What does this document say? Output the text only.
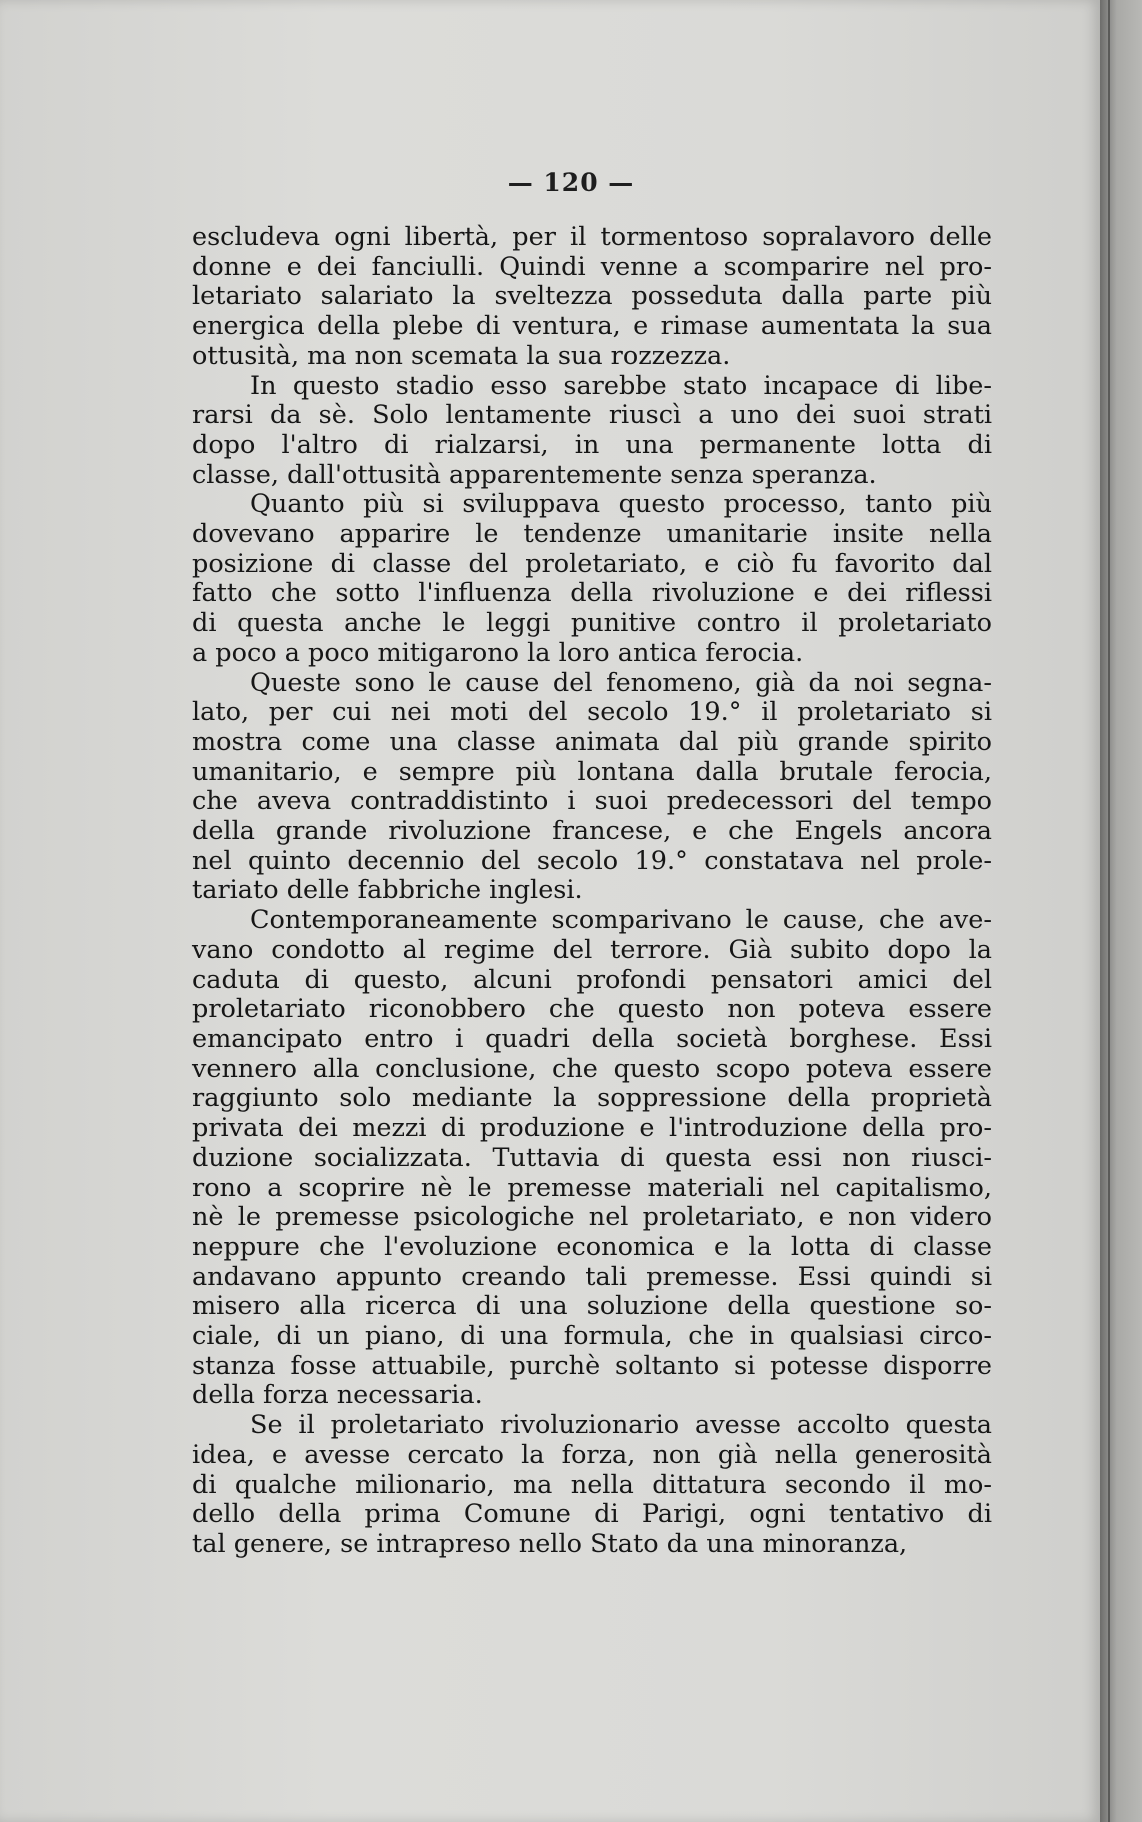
— 120 —
escludeva ogni libertà, per il tormentoso sopralavoro delle
donne e dei fanciulli. Quindi venne a scomparire nel pro-
letariato salariato la sveltezza posseduta dalla parte più
energica della plebe di ventura, e rimase aumentata la sua
ottusità, ma non scemata la sua rozzezza.
In questo stadio esso sarebbe stato incapace di libe-
rarsi da sè. Solo lentamente riuscì a uno dei suoi strati
dopo l'altro di rialzarsi, in una permanente lotta di
classe, dall'ottusità apparentemente senza speranza.
Quanto più si sviluppava questo processo, tanto più
dovevano apparire le tendenze umanitarie insite nella
posizione di classe del proletariato, e ciò fu favorito dal
fatto che sotto l'influenza della rivoluzione e dei riflessi
di questa anche le leggi punitive contro il proletariato
a poco a poco mitigarono la loro antica ferocia.
Queste sono le cause del fenomeno, già da noi segna-
lato, per cui nei moti del secolo 19.° il proletariato si
mostra come una classe animata dal più grande spirito
umanitario, e sempre più lontana dalla brutale ferocia,
che aveva contraddistinto i suoi predecessori del tempo
della grande rivoluzione francese, e che Engels ancora
nel quinto decennio del secolo 19.° constatava nel prole-
tariato delle fabbriche inglesi.
Contemporaneamente scomparivano le cause, che ave-
vano condotto al regime del terrore. Già subito dopo la
caduta di questo, alcuni profondi pensatori amici del
proletariato riconobbero che questo non poteva essere
emancipato entro i quadri della società borghese. Essi
vennero alla conclusione, che questo scopo poteva essere
raggiunto solo mediante la soppressione della proprietà
privata dei mezzi di produzione e l'introduzione della pro-
duzione socializzata. Tuttavia di questa essi non riusci-
rono a scoprire nè le premesse materiali nel capitalismo,
nè le premesse psicologiche nel proletariato, e non videro
neppure che l'evoluzione economica e la lotta di classe
andavano appunto creando tali premesse. Essi quindi si
misero alla ricerca di una soluzione della questione so-
ciale, di un piano, di una formula, che in qualsiasi circo-
stanza fosse attuabile, purchè soltanto si potesse disporre
della forza necessaria.
Se il proletariato rivoluzionario avesse accolto questa
idea, e avesse cercato la forza, non già nella generosità
di qualche milionario, ma nella dittatura secondo il mo-
dello della prima Comune di Parigi, ogni tentativo di
tal genere, se intrapreso nello Stato da una minoranza,
